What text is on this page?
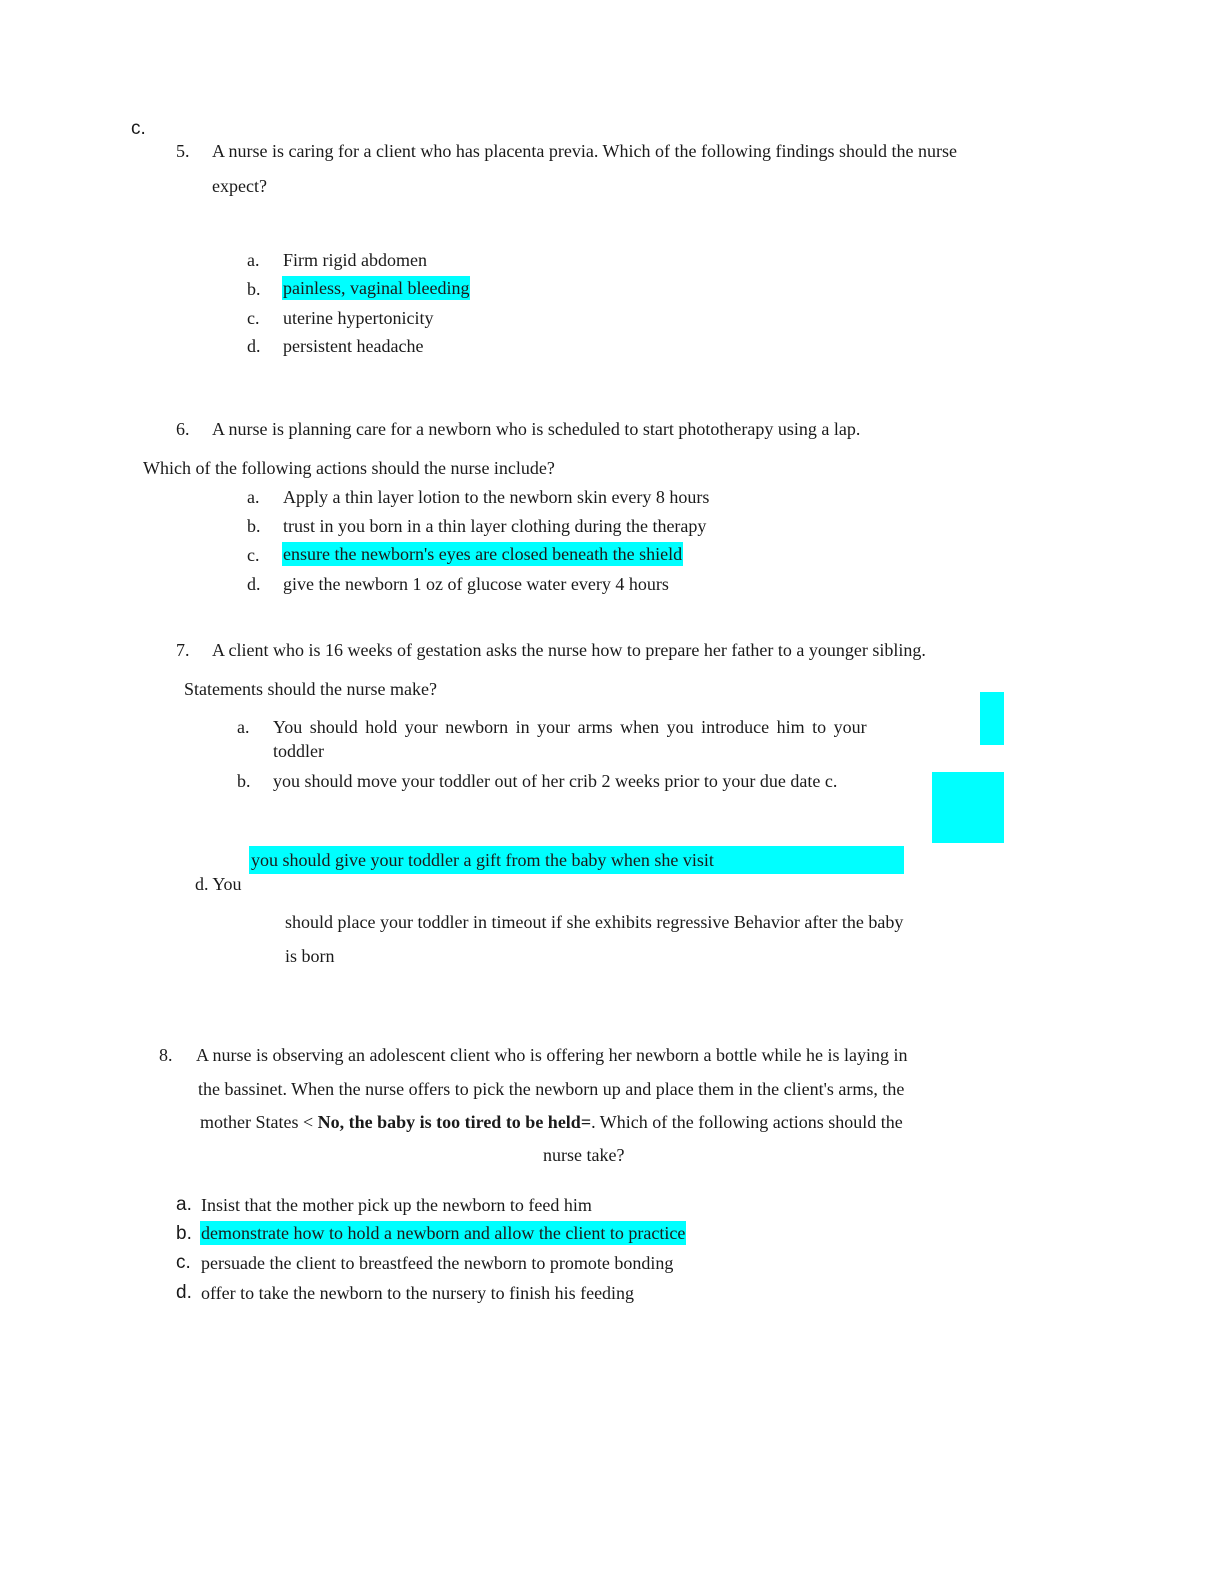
c.
5. A nurse is caring for a client who has placenta previa. Which of the following findings should the nurse
expect?
a. Firm rigid abdomen
b. painless, vaginal bleeding
c. uterine hypertonicity
d. persistent headache
6. A nurse is planning care for a newborn who is scheduled to start phototherapy using a lap.
Which of the following actions should the nurse include?
a. Apply a thin layer lotion to the newborn skin every 8 hours
b. trust in you born in a thin layer clothing during the therapy
c. ensure the newborn's eyes are closed beneath the shield
d. give the newborn 1 oz of glucose water every 4 hours
7. A client who is 16 weeks of gestation asks the nurse how to prepare her father to a younger sibling.
Statements should the nurse make?
a. You should hold your newborn in your arms when you introduce him to your
toddler
b. you should move your toddler out of her crib 2 weeks prior to your due date c.
you should give your toddler a gift from the baby when she visit
d. You
should place your toddler in timeout if she exhibits regressive Behavior after the baby
is born
8. A nurse is observing an adolescent client who is offering her newborn a bottle while he is laying in
the bassinet. When the nurse offers to pick the newborn up and place them in the client's arms, the
mother States < No, the baby is too tired to be held=. Which of the following actions should the
nurse take?
a. Insist that the mother pick up the newborn to feed him
b. demonstrate how to hold a newborn and allow the client to practice
c. persuade the client to breastfeed the newborn to promote bonding
d. offer to take the newborn to the nursery to finish his feeding
